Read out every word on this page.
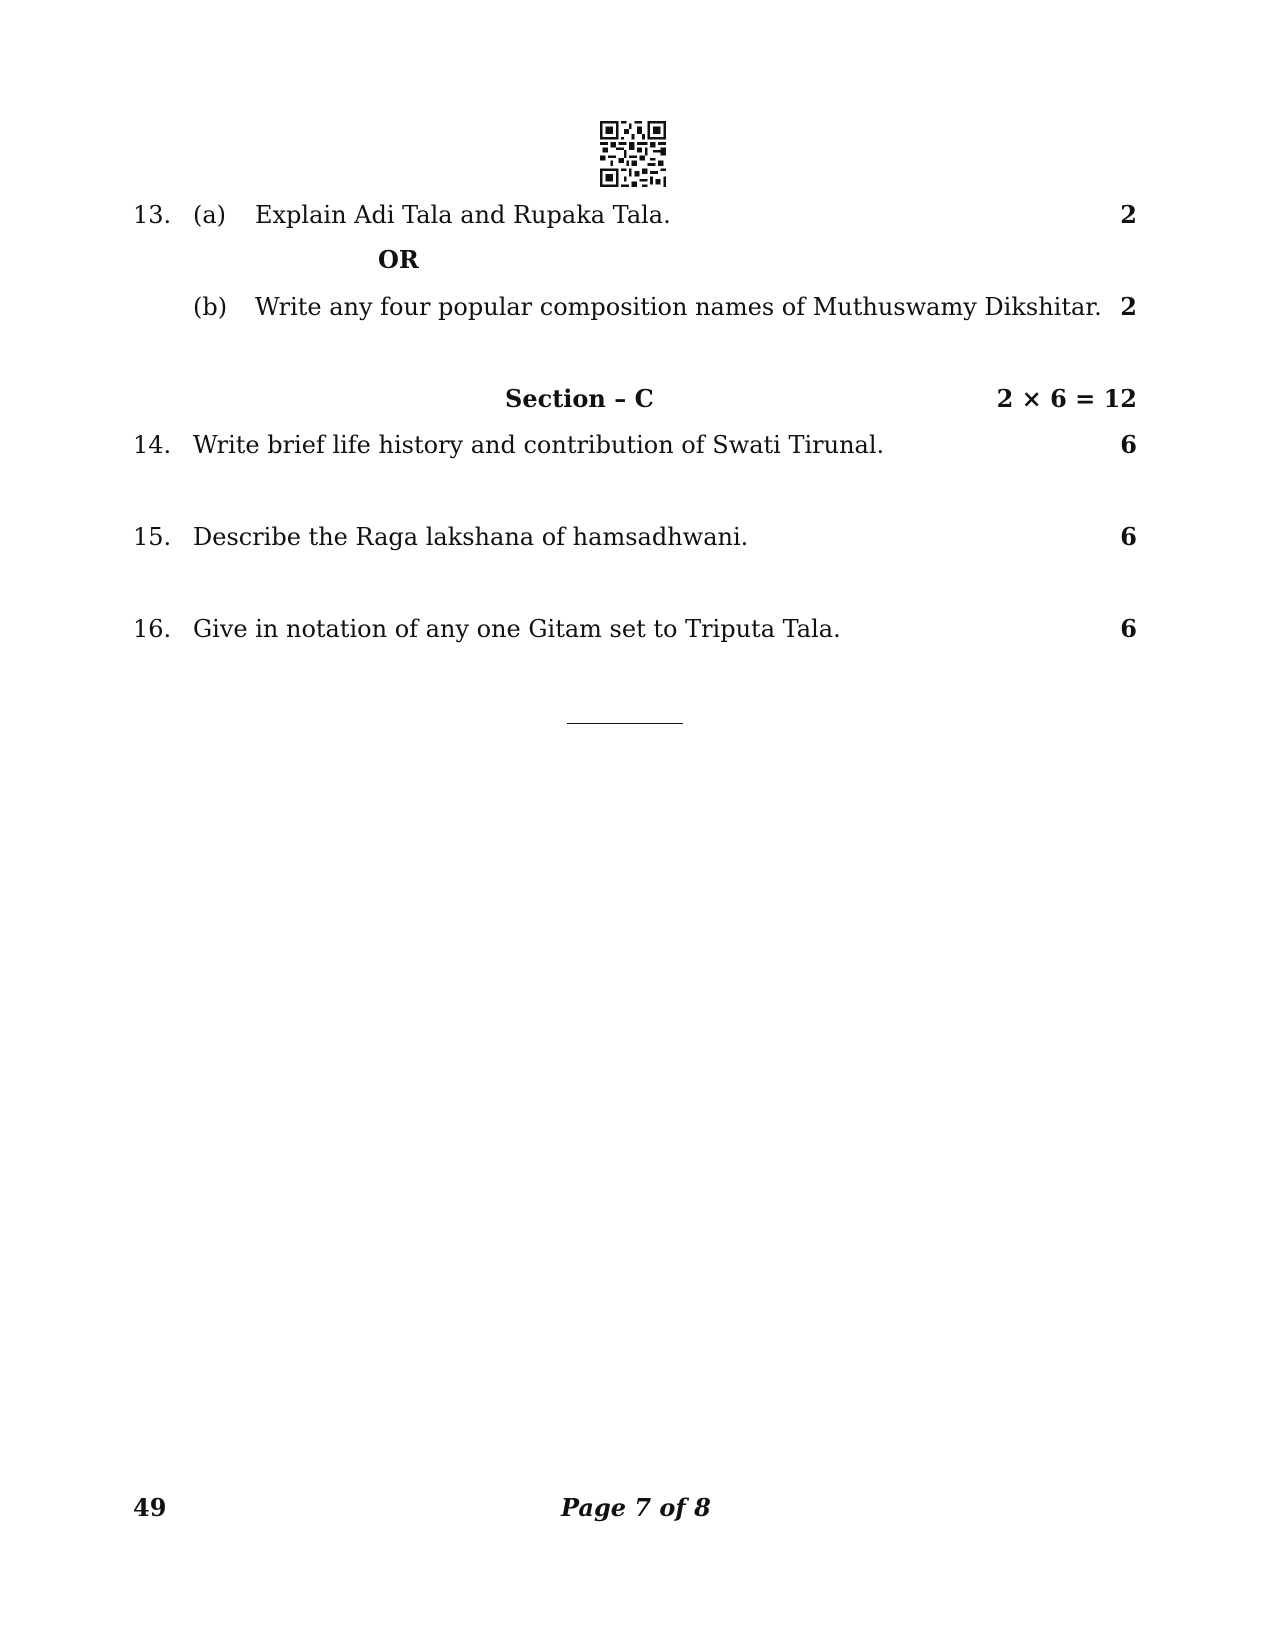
13. (a) Explain Adi Tala and Rupaka Tala.	2
OR
(b) Write any four popular composition names of Muthuswamy Dikshitar. 2
Section – C	2 × 6 = 12
14. Write brief life history and contribution of Swati Tirunal.	6
15. Describe the Raga lakshana of hamsadhwani.	6
16. Give in notation of any one Gitam set to Triputa Tala.	6
49	Page 7 of 8
